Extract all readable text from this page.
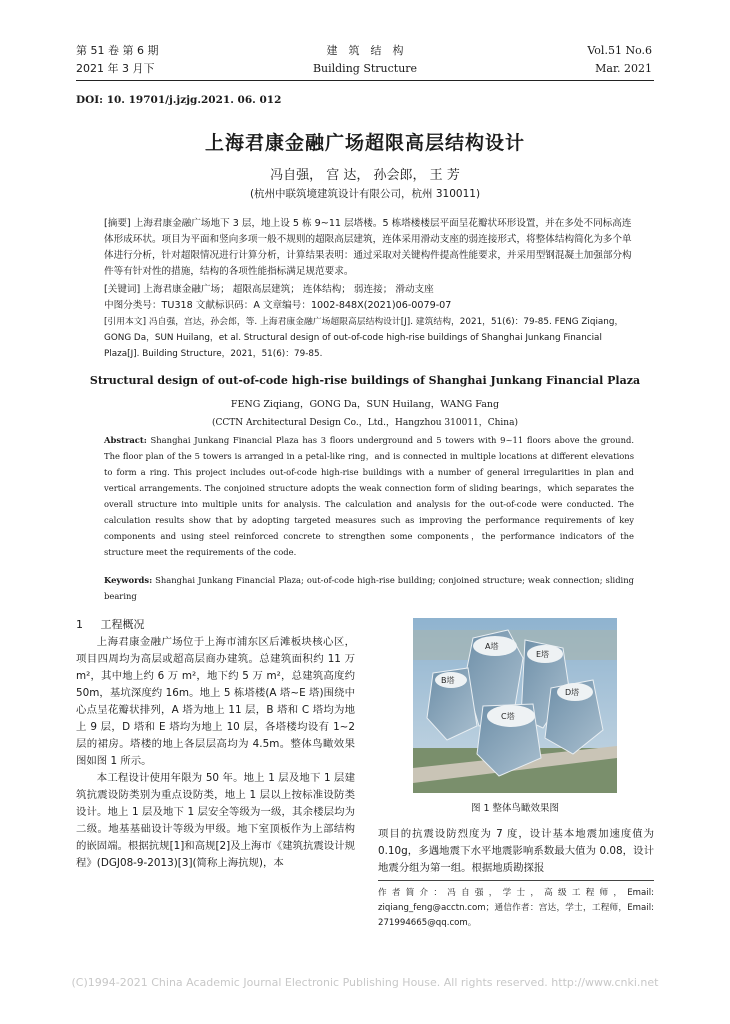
第 51 卷 第 6 期
2021 年 3 月下
建　筑　结　构
Building Structure
Vol.51 No.6
Mar. 2021
DOI: 10. 19701/j.jzjg.2021. 06. 012
上海君康金融广场超限高层结构设计
冯自强， 宫 达， 孙会郎， 王 芳
(杭州中联筑境建筑设计有限公司，杭州 310011)
[摘要] 上海君康金融广场地下 3 层，地上设 5 栋 9~11 层塔楼。5 栋塔楼楼层平面呈花瓣状环形设置，并在多处不同标高连体形成环状。项目为平面和竖向多项一般不规则的超限高层建筑，连体采用滑动支座的弱连接形式，将整体结构简化为多个单体进行分析，针对超限情况进行计算分析，计算结果表明：通过采取对关键构件提高性能要求，并采用型钢混凝土加强部分构件等有针对性的措施，结构的各项性能指标满足规范要求。
[关键词] 上海君康金融广场； 超限高层建筑； 连体结构； 弱连接； 滑动支座
中图分类号：TU318 文献标识码：A 文章编号：1002-848X(2021)06-0079-07
[引用本文] 冯自强，宫达，孙会郎，等. 上海君康金融广场超限高层结构设计[J]. 建筑结构，2021，51(6)：79-85. FENG Ziqiang，GONG Da，SUN Huilang，et al. Structural design of out-of-code high-rise buildings of Shanghai Junkang Financial Plaza[J]. Building Structure，2021，51(6)：79-85.
Structural design of out-of-code high-rise buildings of Shanghai Junkang Financial Plaza
FENG Ziqiang，GONG Da，SUN Huilang，WANG Fang
(CCTN Architectural Design Co.，Ltd.，Hangzhou 310011，China)
Abstract: Shanghai Junkang Financial Plaza has 3 floors underground and 5 towers with 9~11 floors above the ground. The floor plan of the 5 towers is arranged in a petal-like ring，and is connected in multiple locations at different elevations to form a ring. This project includes out-of-code high-rise buildings with a number of general irregularities in plan and vertical arrangements. The conjoined structure adopts the weak connection form of sliding bearings，which separates the overall structure into multiple units for analysis. The calculation and analysis for the out-of-code were conducted. The calculation results show that by adopting targeted measures such as improving the performance requirements of key components and using steel reinforced concrete to strengthen some components，the performance indicators of the structure meet the requirements of the code.
Keywords: Shanghai Junkang Financial Plaza; out-of-code high-rise building; conjoined structure; weak connection; sliding bearing
1 工程概况

上海君康金融广场位于上海市浦东区后滩板块核心区，项目四周均为高层或超高层商办建筑。总建筑面积约 11 万 m²，其中地上约 6 万 m²，地下约 5 万 m²，总建筑高度约 50m，基坑深度约 16m。地上 5 栋塔楼(A 塔~E 塔)围绕中心点呈花瓣状排列，A 塔为地上 11 层，B 塔和 C 塔均为地上 9 层，D 塔和 E 塔均为地上 10 层，各塔楼均设有 1~2 层的裙房。塔楼的地上各层层高均为 4.5m。整体鸟瞰效果图如图 1 所示。

本工程设计使用年限为 50 年。地上 1 层及地下 1 层建筑抗震设防类别为重点设防类，地上 1 层以上按标准设防类设计。地上 1 层及地下 1 层安全等级为一级，其余楼层均为二级。地基基础设计等级为甲级。地下室顶板作为上部结构的嵌固端。根据抗规[1]和高规[2]及上海市《建筑抗震设计规程》(DGJ08-9-2013)[3](简称上海抗规)，本

A塔
B塔
C塔
D塔
E塔
图 1 整体鸟瞰效果图

项目的抗震设防烈度为 7 度，设计基本地震加速度值为 0.10g，多遇地震下水平地震影响系数最大值为 0.08，设计地震分组为第一组。根据地质勘探报

作者简介：冯自强，学士，高级工程师，Email: ziqiang_feng@acctn.com；通信作者：宫达，学士，工程师，Email: 271994665@qq.com。
(C)1994-2021 China Academic Journal Electronic Publishing House. All rights reserved. http://www.cnki.net
